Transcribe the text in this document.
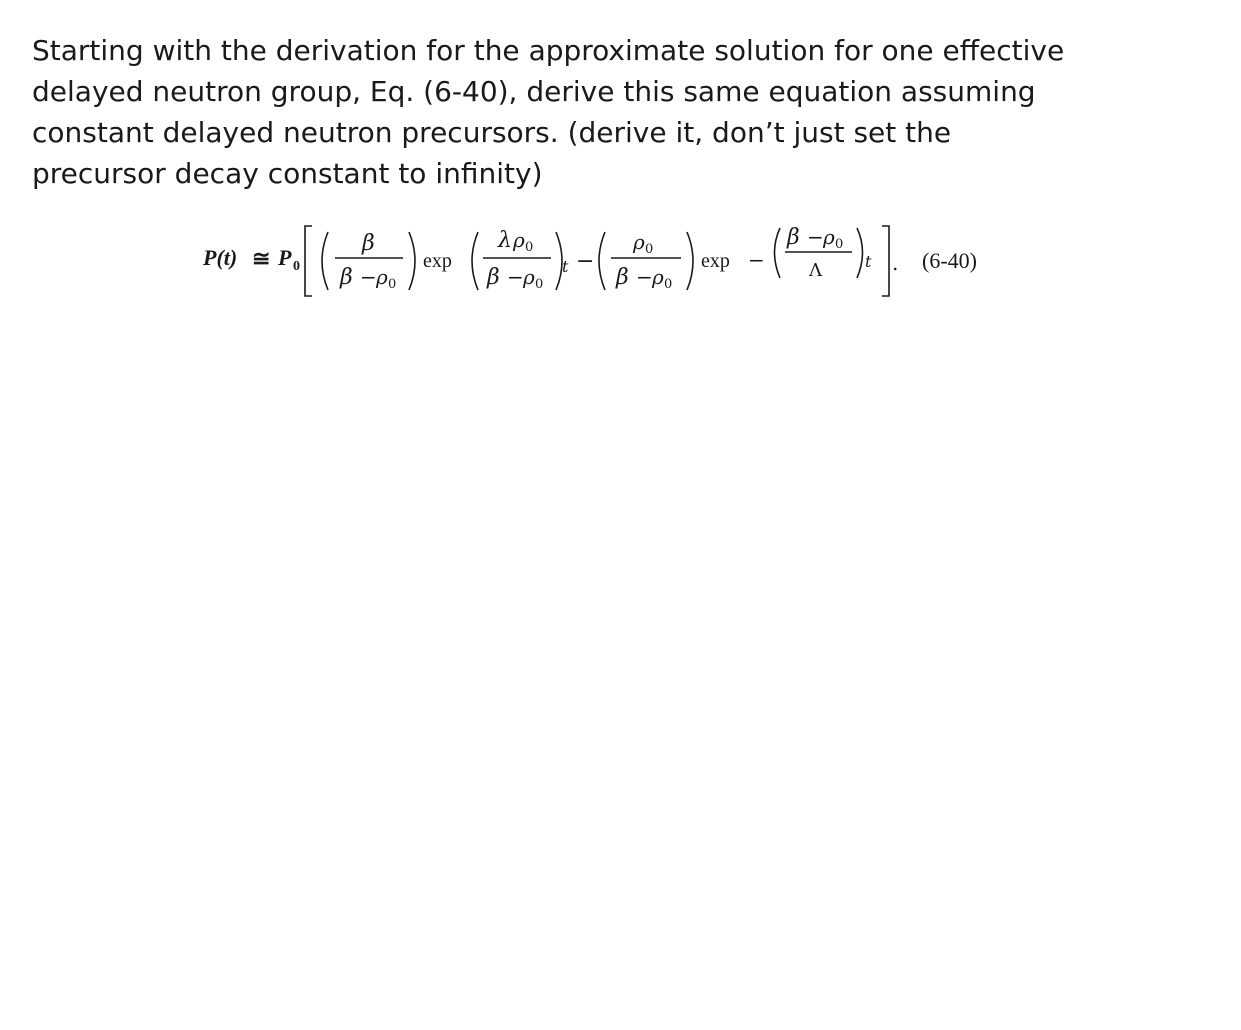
Starting with the derivation for the approximate solution for one effective
delayed neutron group, Eq. (6-40), derive this same equation assuming
constant delayed neutron precursors. (derive it, don’t just set the
precursor decay constant to infinity)
P(t) ≅ P 0
β
β − ρ 0
exp
λ ρ 0
β − ρ 0
t −
ρ 0
β − ρ 0
exp −
β − ρ 0
Λ	t . (6-40)
